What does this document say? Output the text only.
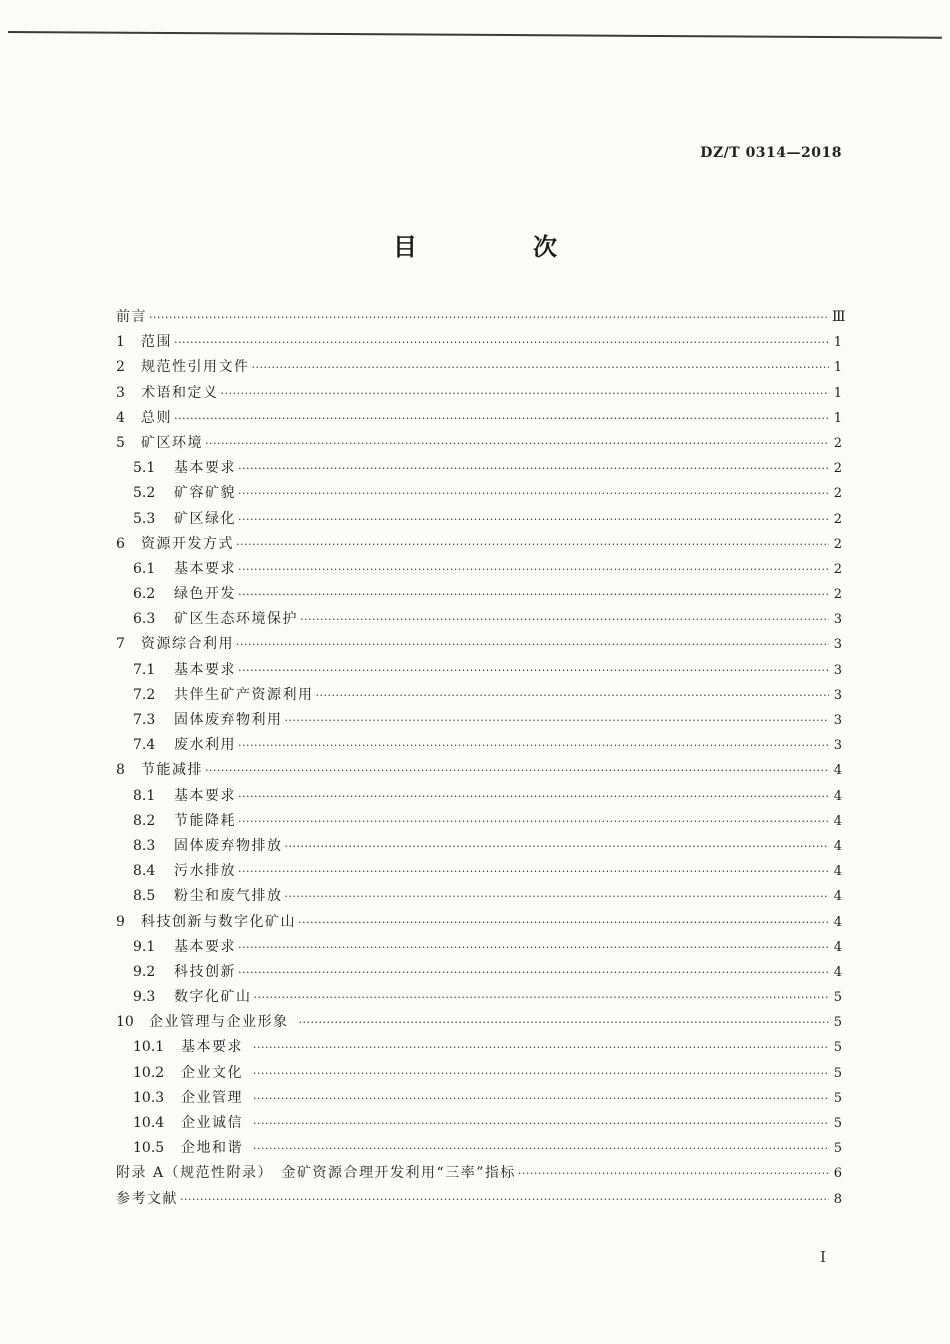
DZ/T 0314—2018
目　次
前言 ·····	Ⅲ
1	范围 ·····	1
2	规范性引用文件 ·····	1
3	术语和定义 ·····	1
4	总则 ·····	1
5	矿区环境 ·····	2
5.1	基本要求 ·····	2
5.2	矿容矿貌 ·····	2
5.3	矿区绿化 ·····	2
6	资源开发方式 ·····	2
6.1	基本要求 ·····	2
6.2	绿色开发 ·····	2
6.3	矿区生态环境保护 ·····	3
7	资源综合利用 ·····	3
7.1	基本要求 ·····	3
7.2	共伴生矿产资源利用 ·····	3
7.3	固体废弃物利用 ·····	3
7.4	废水利用 ·····	3
8	节能减排 ·····	4
8.1	基本要求 ·····	4
8.2	节能降耗 ·····	4
8.3	固体废弃物排放 ·····	4
8.4	污水排放 ·····	4
8.5	粉尘和废气排放 ·····	4
9	科技创新与数字化矿山 ·····	4
9.1	基本要求 ·····	4
9.2	科技创新 ·····	4
9.3	数字化矿山 ·····	5
10	企业管理与企业形象 ·····	5
10.1	基本要求 ·····	5
10.2	企业文化 ·····	5
10.3	企业管理 ·····	5
10.4	企业诚信 ·····	5
10.5	企地和谐 ·····	5
附录 A（规范性附录）　金矿资源合理开发利用“三率”指标 ·····	6
参考文献 ·····	8
Ⅰ
